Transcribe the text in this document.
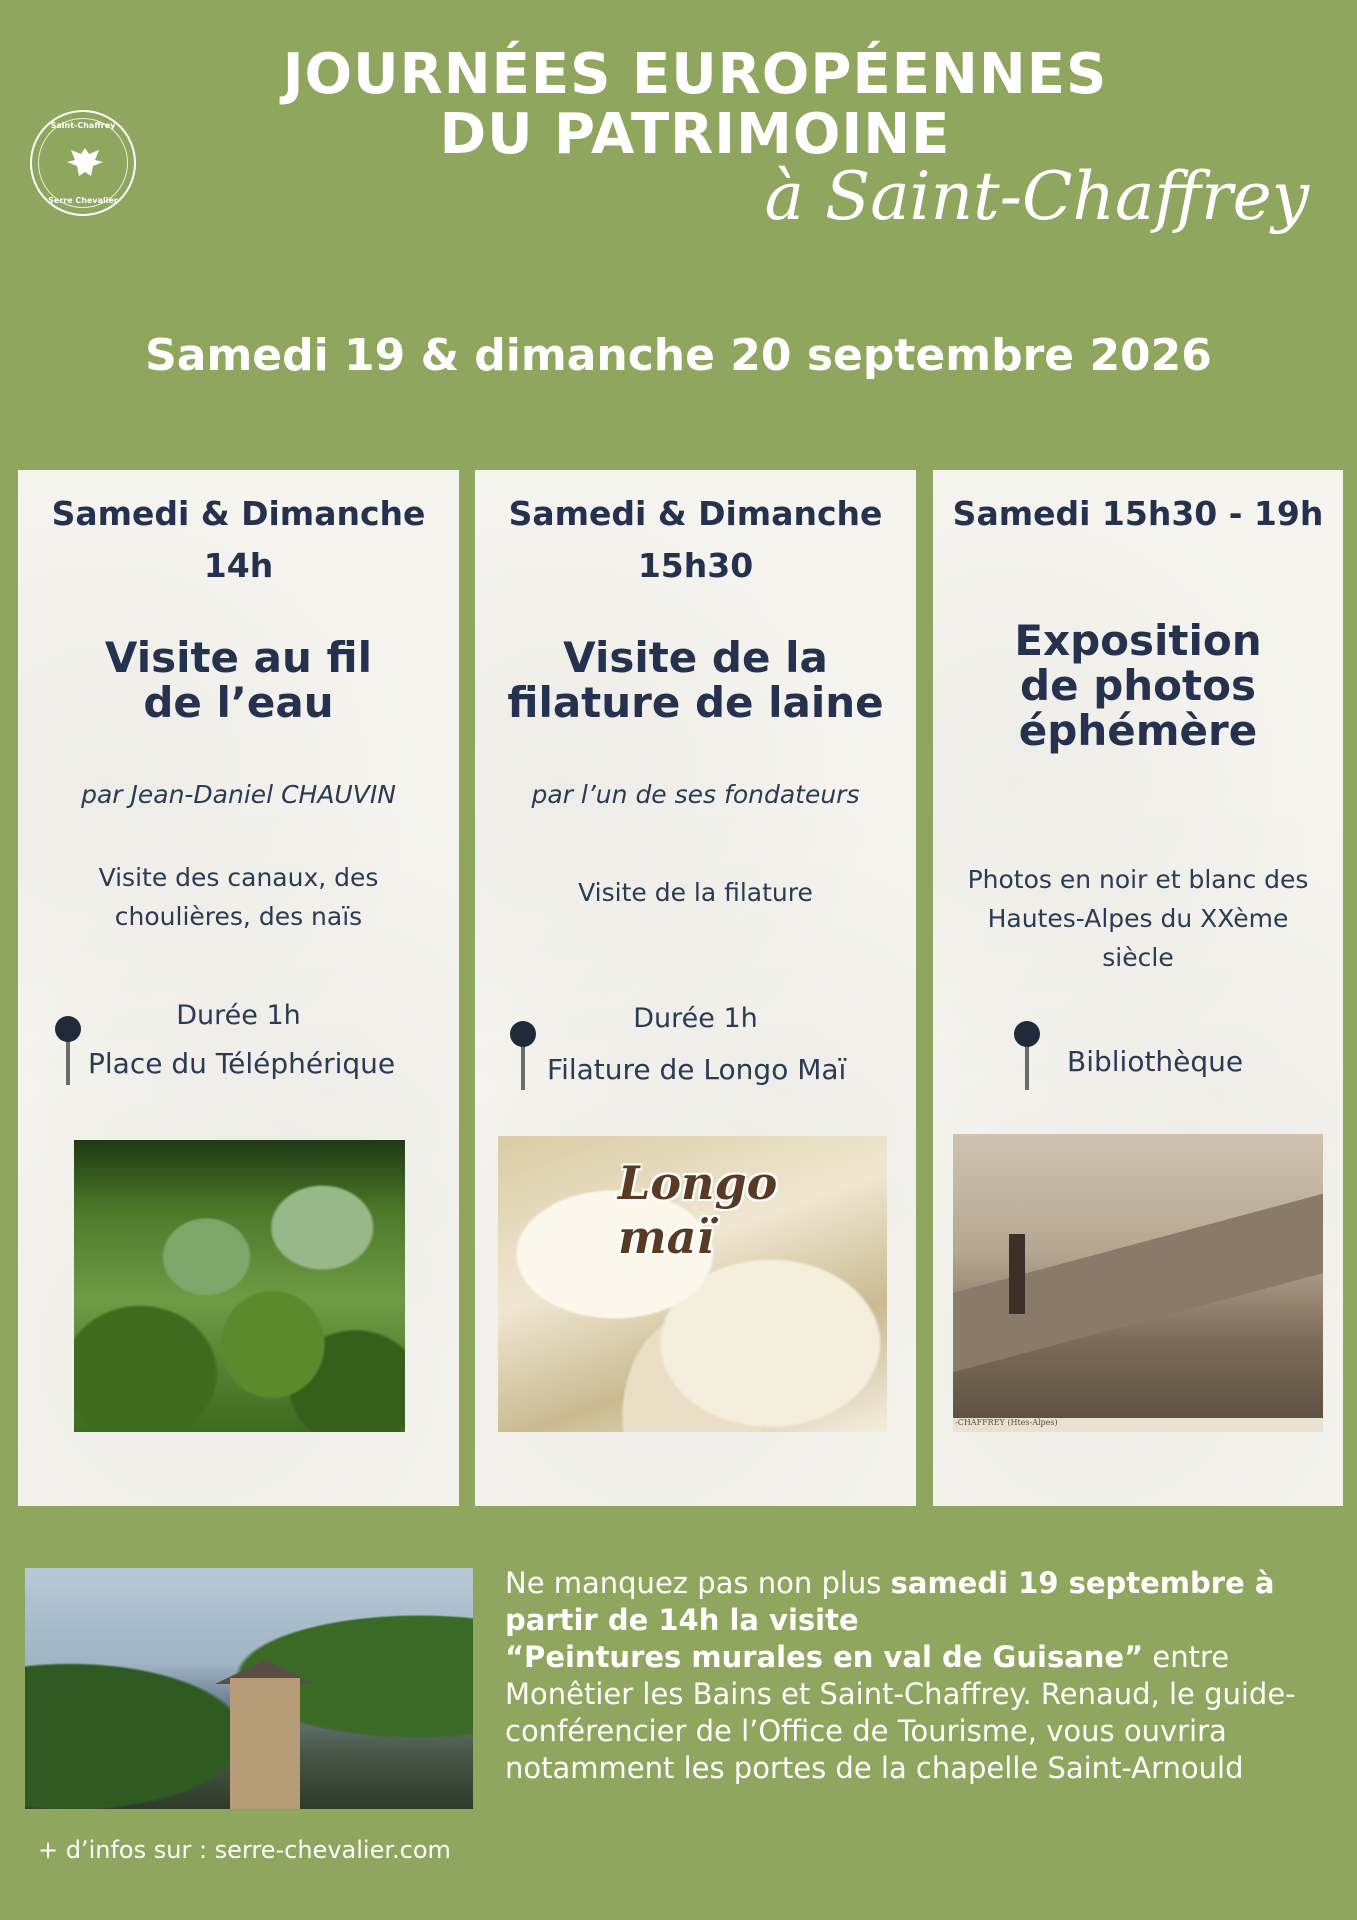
Saint-Chaffrey
Serre Chevalier
JOURNÉES EUROPÉENNES
DU PATRIMOINE
à Saint-Chaffrey
Samedi 19 & dimanche 20 septembre 2026
Samedi & Dimanche
14h
Visite au fil
de l’eau
par Jean-Daniel CHAUVIN
Visite des canaux, des
choulières, des naïs
Durée 1h
Place du Téléphérique
Samedi & Dimanche
15h30
Visite de la
filature de laine
par l’un de ses fondateurs
Visite de la filature
Durée 1h
Filature de Longo Maï
Longo maï
Samedi 15h30 - 19h
Exposition
de photos
éphémère
Photos en noir et blanc des
Hautes-Alpes du XXème
siècle
Bibliothèque
-CHAFFREY (Htes-Alpes)
Ne manquez pas non plus samedi 19 septembre à partir de 14h la visite
“Peintures murales en val de Guisane” entre Monêtier les Bains et Saint-Chaffrey. Renaud, le guide-conférencier de l’Office de Tourisme, vous ouvrira notamment les portes de la chapelle Saint-Arnould
+ d’infos sur : serre-chevalier.com
